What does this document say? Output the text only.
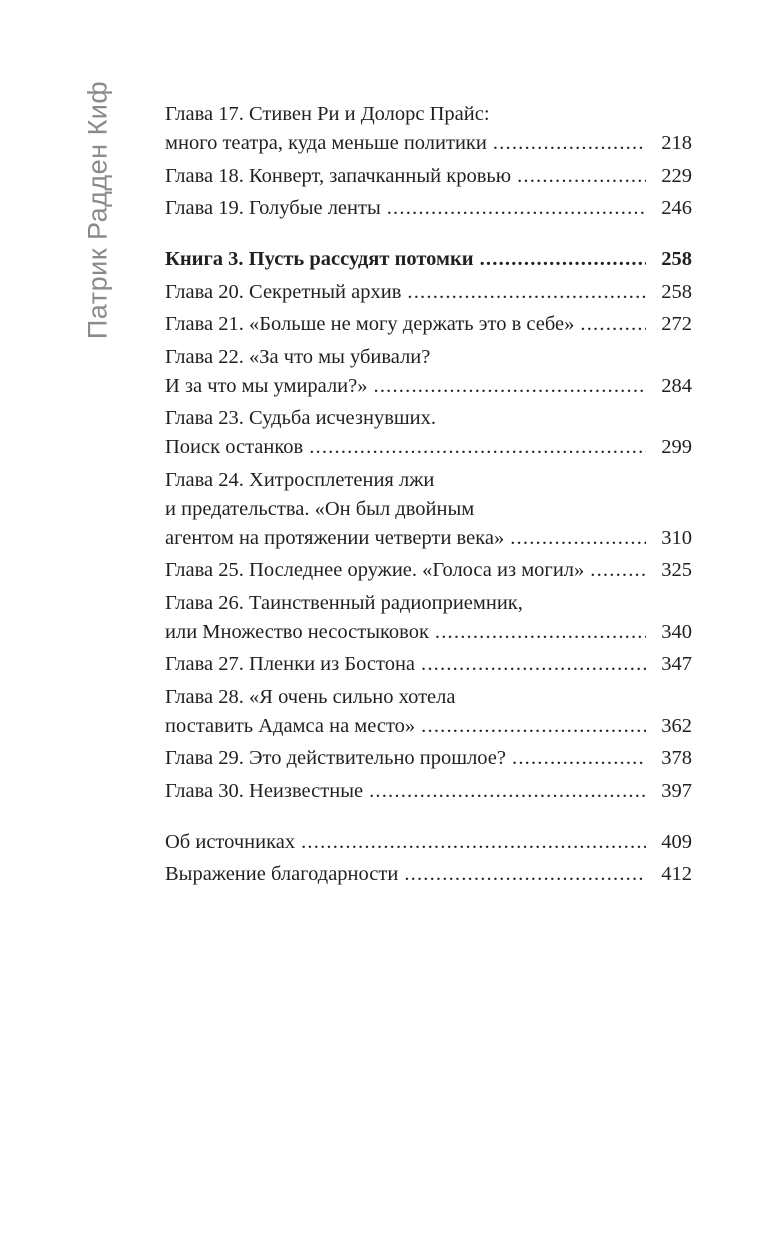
Патрик Радден Киф	Глава 17. Стивен Ри и Долорс Прайс:
много театра, куда меньше политики .....	218
Глава 18. Конверт, запачканный кровью .....	229
Глава 19. Голубые ленты .....	246
Книга 3. Пусть рассудят потомки .....	258
Глава 20. Секретный архив .....	258
Глава 21. «Больше не могу держать это в себе» .....	272
Глава 22. «За что мы убивали?
И за что мы умирали?» .....	284
Глава 23. Судьба исчезнувших.
Поиск останков .....	299
Глава 24. Хитросплетения лжи
и предательства. «Он был двойным
агентом на протяжении четверти века» .....	310
Глава 25. Последнее оружие. «Голоса из могил» .....	325
Глава 26. Таинственный радиоприемник,
или Множество несостыковок .....	340
Глава 27. Пленки из Бостона .....	347
Глава 28. «Я очень сильно хотела
поставить Адамса на место» .....	362
Глава 29. Это действительно прошлое? .....	378
Глава 30. Неизвестные .....	397
Об источниках .....	409
Выражение благодарности .....	412
